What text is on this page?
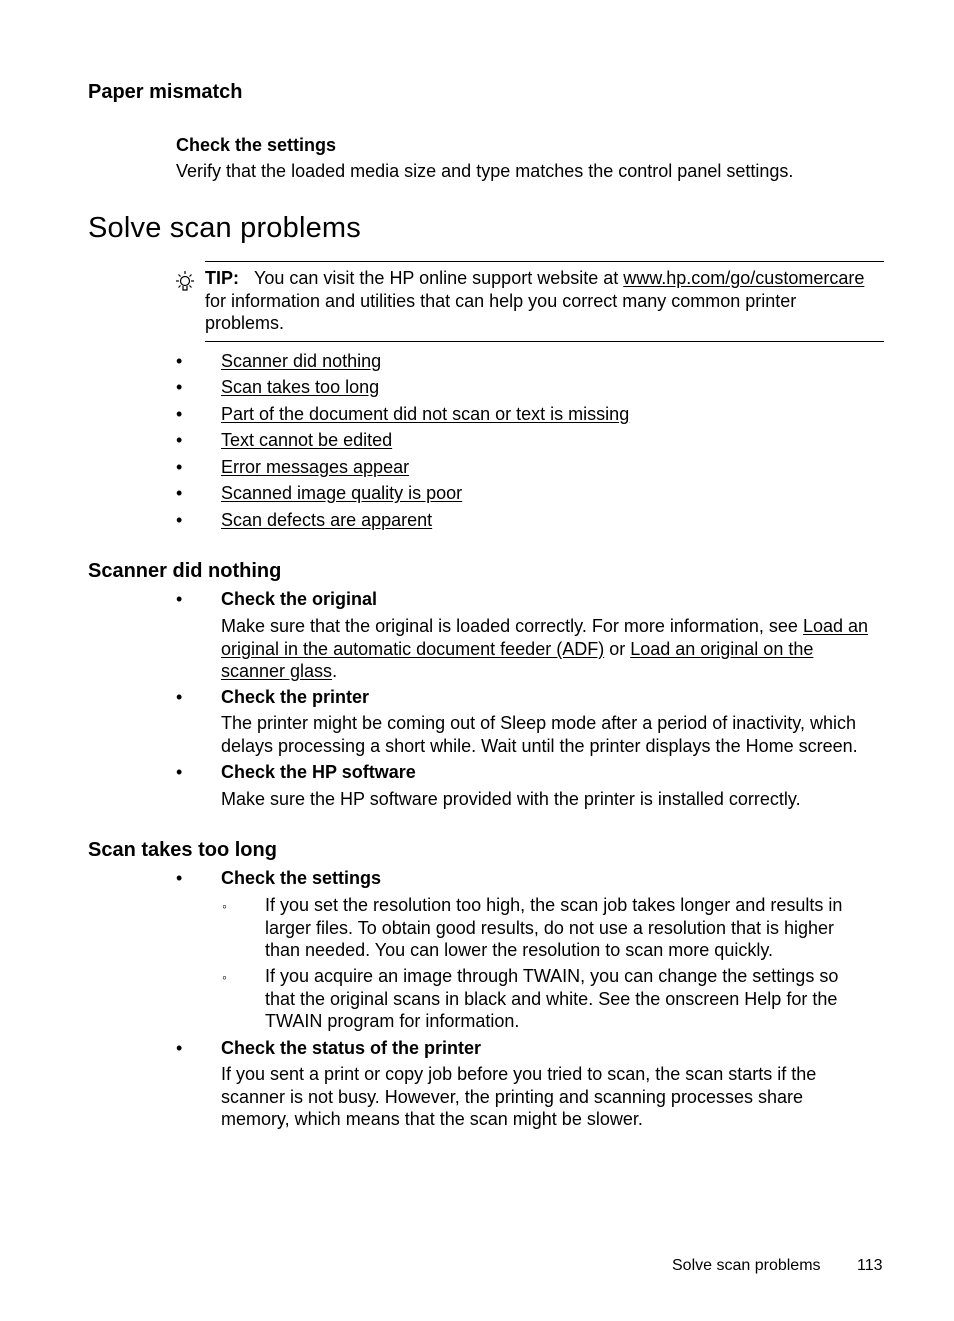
Paper mismatch
Check the settings
Verify that the loaded media size and type matches the control panel settings.
Solve scan problems
TIP: You can visit the HP online support website at www.hp.com/go/customercare
for information and utilities that can help you correct many common printer
problems.
• Scanner did nothing
• Scan takes too long
• Part of the document did not scan or text is missing
• Text cannot be edited
• Error messages appear
• Scanned image quality is poor
• Scan defects are apparent
Scanner did nothing
• Check the original
Make sure that the original is loaded correctly. For more information, see Load an
original in the automatic document feeder (ADF) or Load an original on the
scanner glass.
• Check the printer
The printer might be coming out of Sleep mode after a period of inactivity, which
delays processing a short while. Wait until the printer displays the Home screen.
• Check the HP software
Make sure the HP software provided with the printer is installed correctly.
Scan takes too long
• Check the settings
◦ If you set the resolution too high, the scan job takes longer and results in
larger files. To obtain good results, do not use a resolution that is higher
than needed. You can lower the resolution to scan more quickly.
◦ If you acquire an image through TWAIN, you can change the settings so
that the original scans in black and white. See the onscreen Help for the
TWAIN program for information.
• Check the status of the printer
If you sent a print or copy job before you tried to scan, the scan starts if the
scanner is not busy. However, the printing and scanning processes share
memory, which means that the scan might be slower.
Solve scan problems 113
